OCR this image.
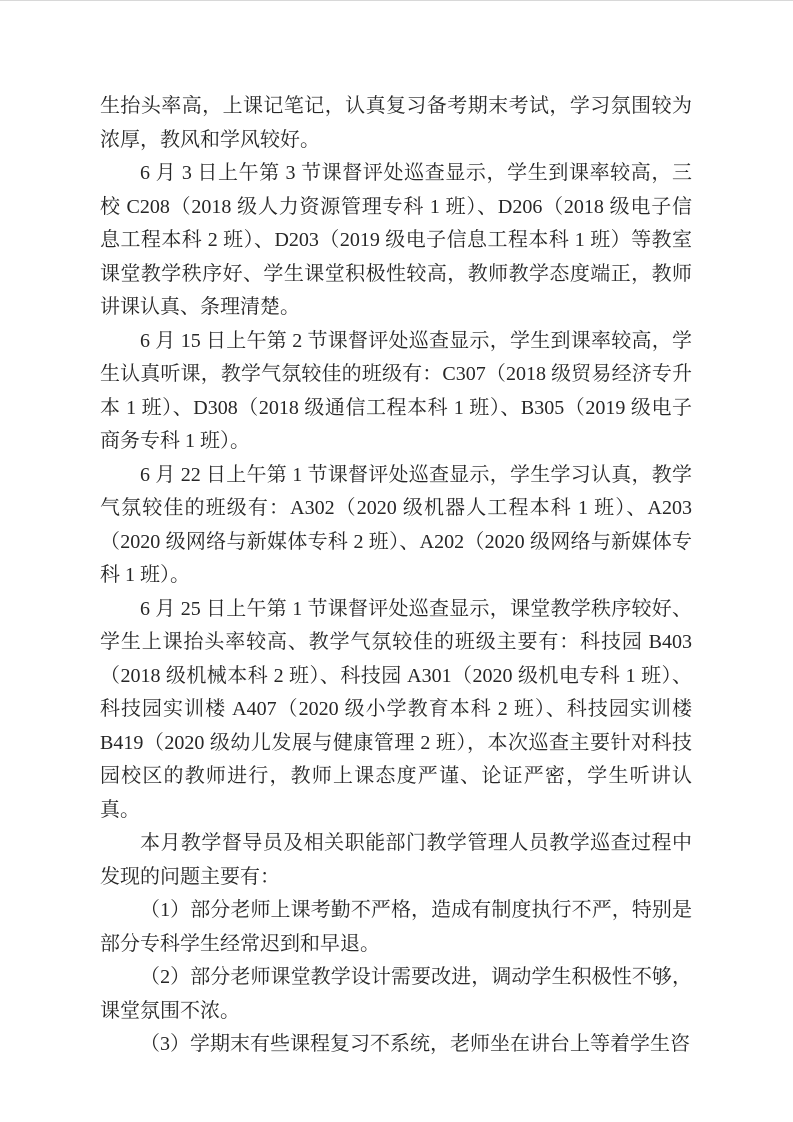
生抬头率高，上课记笔记，认真复习备考期末考试，学习氛围较为浓厚，教风和学风较好。

6 月 3 日上午第 3 节课督评处巡查显示，学生到课率较高，三校 C208（2018 级人力资源管理专科 1 班）、D206（2018 级电子信息工程本科 2 班）、D203（2019 级电子信息工程本科 1 班）等教室课堂教学秩序好、学生课堂积极性较高，教师教学态度端正，教师讲课认真、条理清楚。

6 月 15 日上午第 2 节课督评处巡查显示，学生到课率较高，学生认真听课，教学气氛较佳的班级有：C307（2018 级贸易经济专升本 1 班）、D308（2018 级通信工程本科 1 班）、B305（2019 级电子商务专科 1 班）。

6 月 22 日上午第 1 节课督评处巡查显示，学生学习认真，教学气氛较佳的班级有：A302（2020 级机器人工程本科 1 班）、A203（2020 级网络与新媒体专科 2 班）、A202（2020 级网络与新媒体专科 1 班）。

6 月 25 日上午第 1 节课督评处巡查显示，课堂教学秩序较好、学生上课抬头率较高、教学气氛较佳的班级主要有：科技园 B403（2018 级机械本科 2 班）、科技园 A301（2020 级机电专科 1 班）、科技园实训楼 A407（2020 级小学教育本科 2 班）、科技园实训楼 B419（2020 级幼儿发展与健康管理 2 班），本次巡查主要针对科技园校区的教师进行，教师上课态度严谨、论证严密，学生听讲认真。

本月教学督导员及相关职能部门教学管理人员教学巡查过程中发现的问题主要有：

（1）部分老师上课考勤不严格，造成有制度执行不严，特别是部分专科学生经常迟到和早退。

（2）部分老师课堂教学设计需要改进，调动学生积极性不够，课堂氛围不浓。

（3）学期末有些课程复习不系统，老师坐在讲台上等着学生咨
